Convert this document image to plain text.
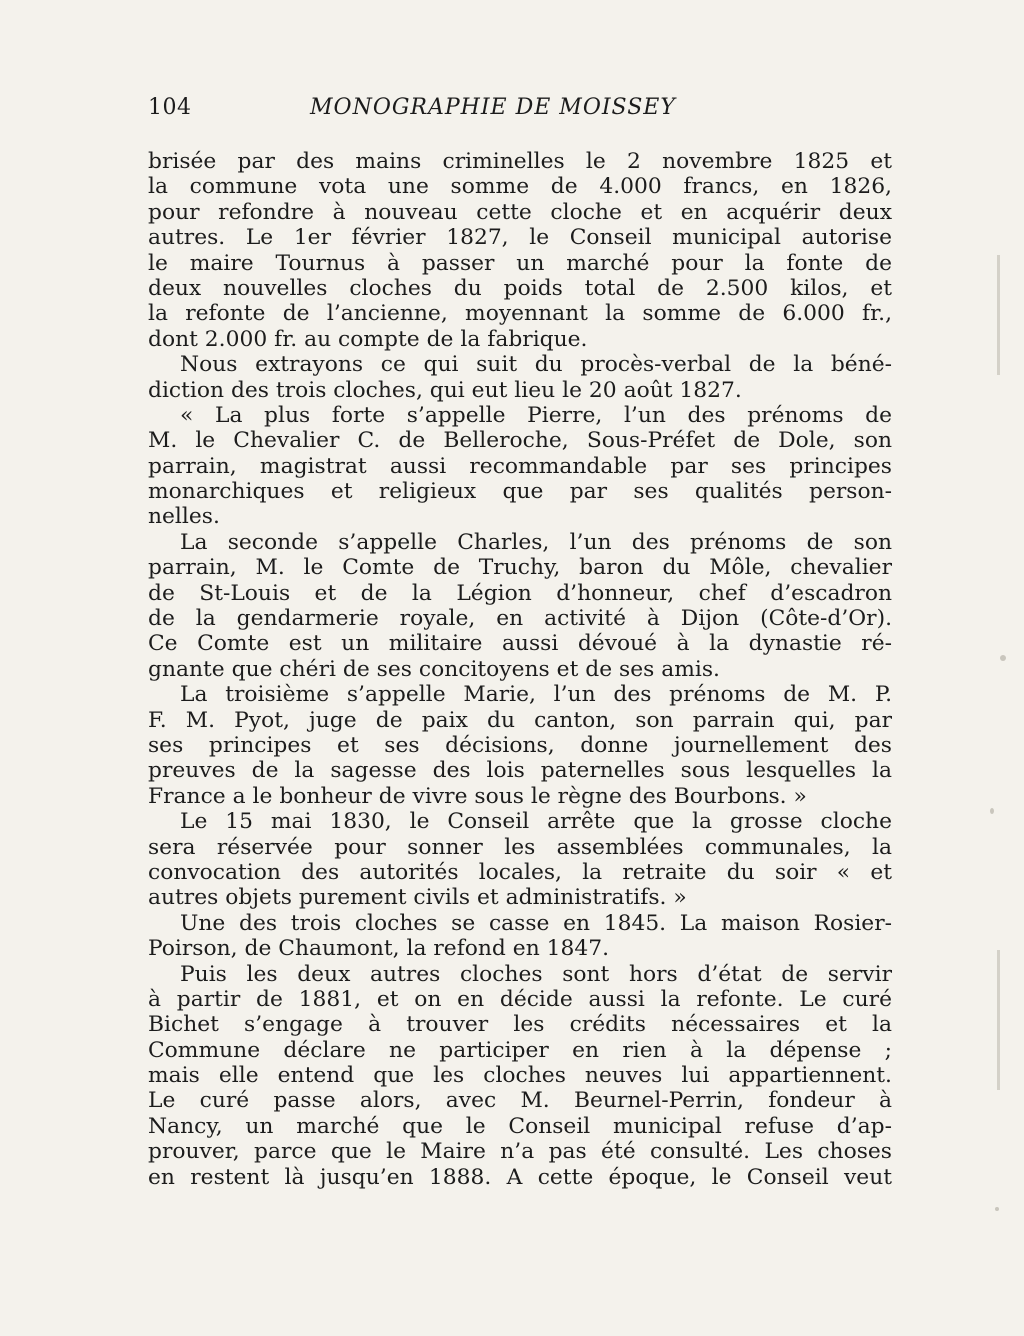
104	MONOGRAPHIE DE MOISSEY
brisée par des mains criminelles le 2 novembre 1825 et
la commune vota une somme de 4.000 francs, en 1826,
pour refondre à nouveau cette cloche et en acquérir deux
autres. Le 1er février 1827, le Conseil municipal autorise
le maire Tournus à passer un marché pour la fonte de
deux nouvelles cloches du poids total de 2.500 kilos, et
la refonte de l’ancienne, moyennant la somme de 6.000 fr.,
dont 2.000 fr. au compte de la fabrique.
Nous extrayons ce qui suit du procès-verbal de la béné-
diction des trois cloches, qui eut lieu le 20 août 1827.
« La plus forte s’appelle Pierre, l’un des prénoms de
M. le Chevalier C. de Belleroche, Sous-Préfet de Dole, son
parrain, magistrat aussi recommandable par ses principes
monarchiques et religieux que par ses qualités person-
nelles.
La seconde s’appelle Charles, l’un des prénoms de son
parrain, M. le Comte de Truchy, baron du Môle, chevalier
de St-Louis et de la Légion d’honneur, chef d’escadron
de la gendarmerie royale, en activité à Dijon (Côte-d’Or).
Ce Comte est un militaire aussi dévoué à la dynastie ré-
gnante que chéri de ses concitoyens et de ses amis.
La troisième s’appelle Marie, l’un des prénoms de M. P.
F. M. Pyot, juge de paix du canton, son parrain qui, par
ses principes et ses décisions, donne journellement des
preuves de la sagesse des lois paternelles sous lesquelles la
France a le bonheur de vivre sous le règne des Bourbons. »
Le 15 mai 1830, le Conseil arrête que la grosse cloche
sera réservée pour sonner les assemblées communales, la
convocation des autorités locales, la retraite du soir « et
autres objets purement civils et administratifs. »
Une des trois cloches se casse en 1845. La maison Rosier-
Poirson, de Chaumont, la refond en 1847.
Puis les deux autres cloches sont hors d’état de servir
à partir de 1881, et on en décide aussi la refonte. Le curé
Bichet s’engage à trouver les crédits nécessaires et la
Commune déclare ne participer en rien à la dépense ;
mais elle entend que les cloches neuves lui appartiennent.
Le curé passe alors, avec M. Beurnel-Perrin, fondeur à
Nancy, un marché que le Conseil municipal refuse d’ap-
prouver, parce que le Maire n’a pas été consulté. Les choses
en restent là jusqu’en 1888. A cette époque, le Conseil veut
